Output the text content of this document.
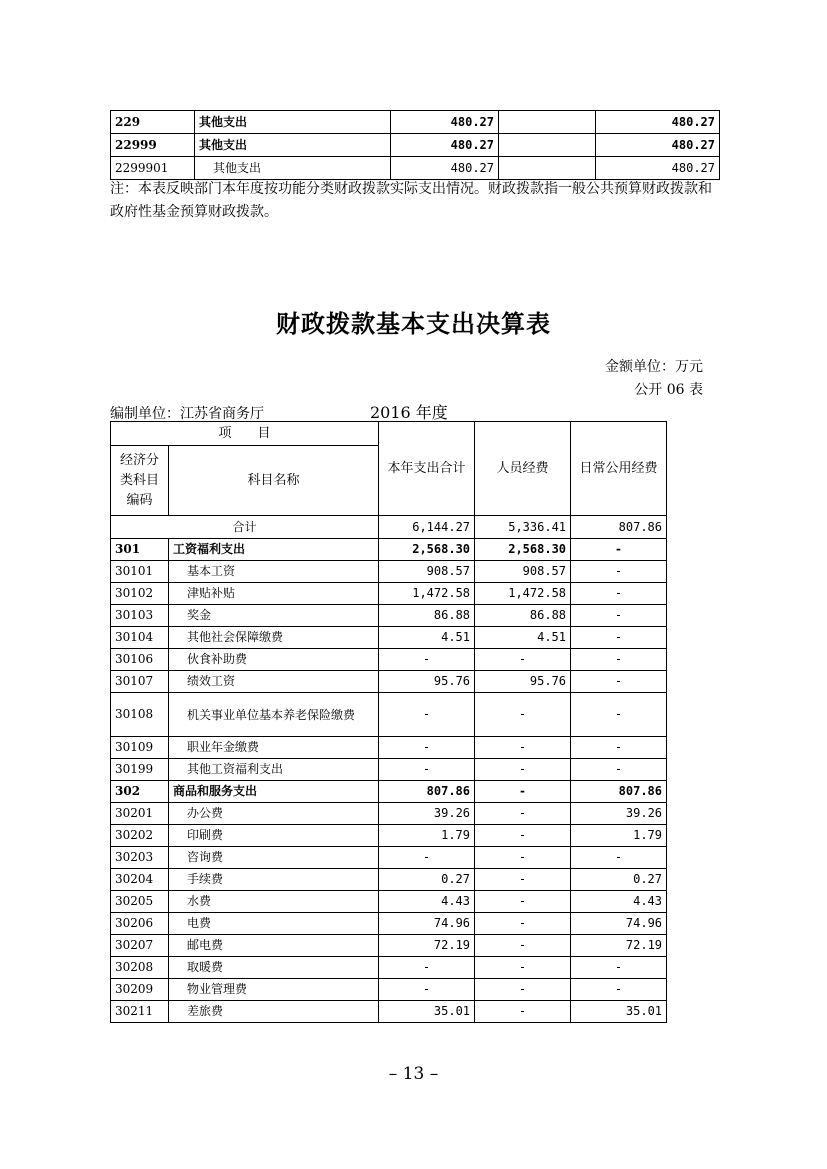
229	其他支出	480.27		480.27
22999	其他支出	480.27		480.27
2299901	其他支出	480.27		480.27
注：本表反映部门本年度按功能分类财政拨款实际支出情况。财政拨款指一般公共预算财政拨款和政府性基金预算财政拨款。
财政拨款基本支出决算表
金额单位：万元
公开 06 表
编制单位：江苏省商务厅	2016 年度
项　　目		本年支出合计	人员经费	日常公用经费
经济分类科目编码	科目名称			
合计		6,144.27	5,336.41	807.86
301	工资福利支出	2,568.30	2,568.30	-
30101	基本工资	908.57	908.57	-
30102	津贴补贴	1,472.58	1,472.58	-
30103	奖金	86.88	86.88	-
30104	其他社会保障缴费	4.51	4.51	-
30106	伙食补助费	-	-	-
30107	绩效工资	95.76	95.76	-
30108	机关事业单位基本养老保险缴费	-	-	-
30109	职业年金缴费	-	-	-
30199	其他工资福利支出	-	-	-
302	商品和服务支出	807.86	-	807.86
30201	办公费	39.26	-	39.26
30202	印刷费	1.79	-	1.79
30203	咨询费	-	-	-
30204	手续费	0.27	-	0.27
30205	水费	4.43	-	4.43
30206	电费	74.96	-	74.96
30207	邮电费	72.19	-	72.19
30208	取暖费	-	-	-
30209	物业管理费	-	-	-
30211	差旅费	35.01	-	35.01
– 13 –
